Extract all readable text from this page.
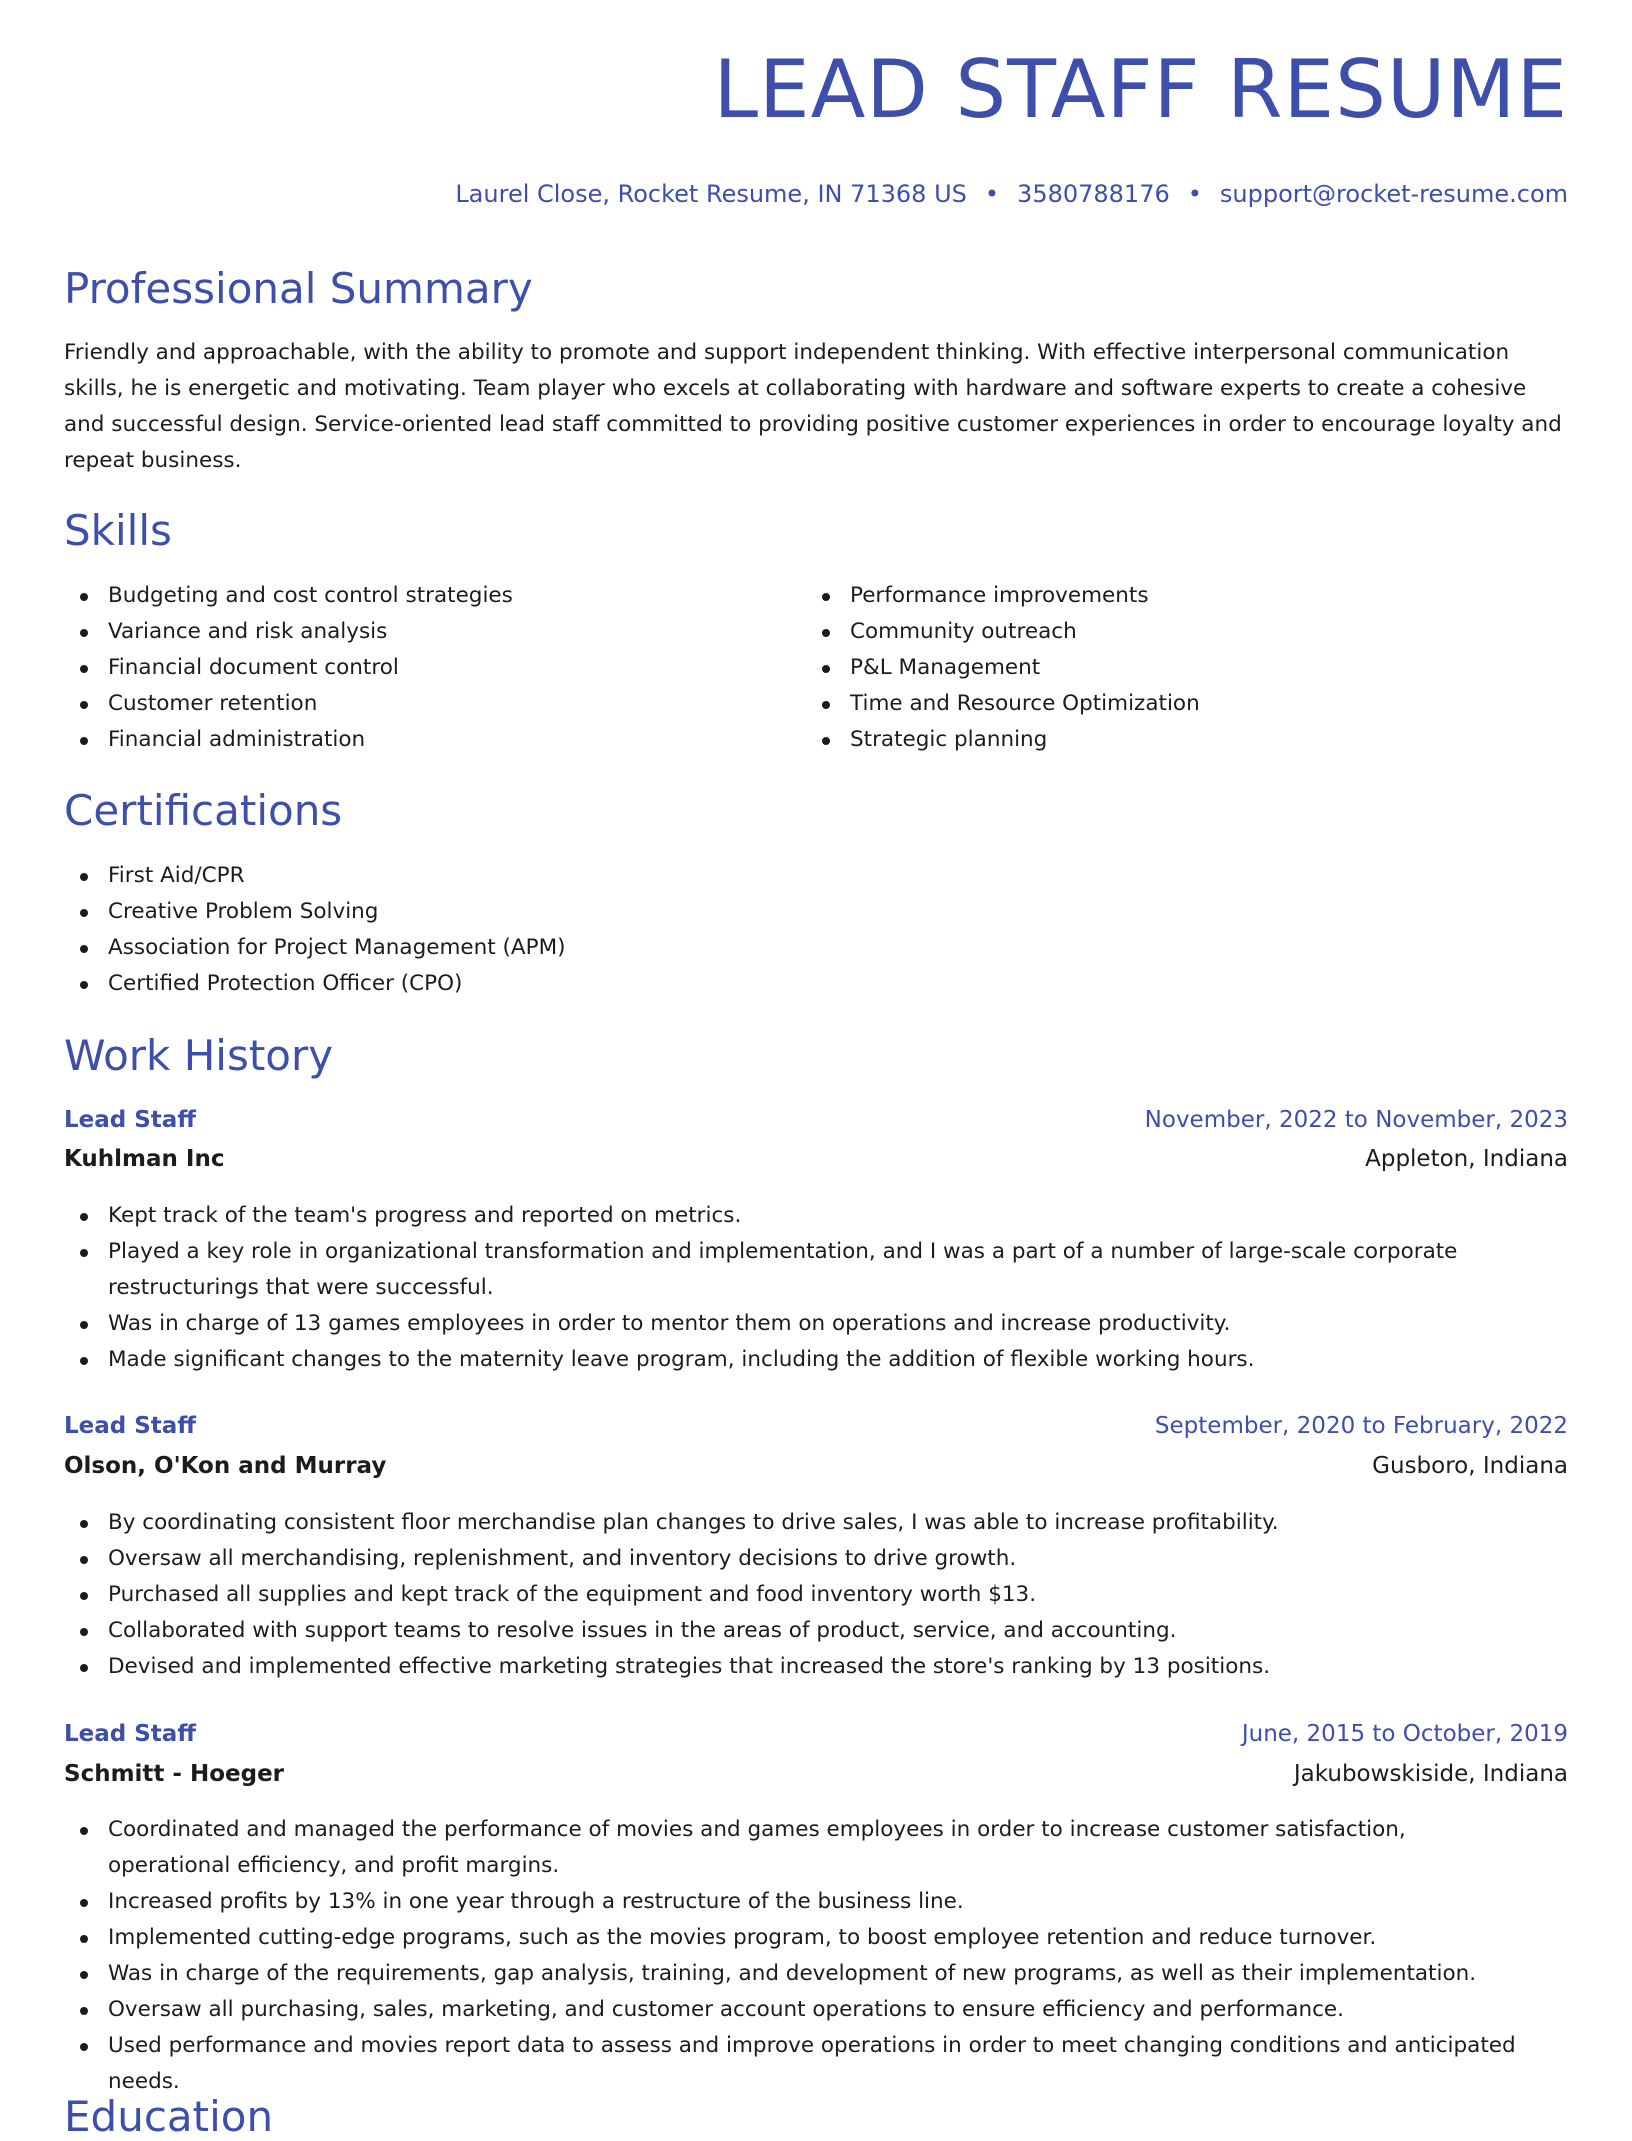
LEAD STAFF RESUME
Laurel Close, Rocket Resume, IN 71368 US • 3580788176 • support@rocket-resume.com
Professional Summary

Friendly and approachable, with the ability to promote and support independent thinking. With effective interpersonal communication skills, he is energetic and motivating. Team player who excels at collaborating with hardware and software experts to create a cohesive and successful design. Service-oriented lead staff committed to providing positive customer experiences in order to encourage loyalty and repeat business.

Skills
Budgeting and cost control strategies
Variance and risk analysis
Financial document control
Customer retention
Financial administration
Performance improvements
Community outreach
P&L Management
Time and Resource Optimization
Strategic planning
Certifications
First Aid/CPR
Creative Problem Solving
Association for Project Management (APM)
Certified Protection Officer (CPO)
Work History
Lead Staff	November, 2022 to November, 2023
Kuhlman Inc	Appleton, Indiana
Kept track of the team's progress and reported on metrics.
Played a key role in organizational transformation and implementation, and I was a part of a number of large-scale corporate restructurings that were successful.
Was in charge of 13 games employees in order to mentor them on operations and increase productivity.
Made significant changes to the maternity leave program, including the addition of flexible working hours.
Lead Staff	September, 2020 to February, 2022
Olson, O'Kon and Murray	Gusboro, Indiana
By coordinating consistent floor merchandise plan changes to drive sales, I was able to increase profitability.
Oversaw all merchandising, replenishment, and inventory decisions to drive growth.
Purchased all supplies and kept track of the equipment and food inventory worth $13.
Collaborated with support teams to resolve issues in the areas of product, service, and accounting.
Devised and implemented effective marketing strategies that increased the store's ranking by 13 positions.
Lead Staff	June, 2015 to October, 2019
Schmitt - Hoeger	Jakubowskiside, Indiana
Coordinated and managed the performance of movies and games employees in order to increase customer satisfaction, operational efficiency, and profit margins.
Increased profits by 13% in one year through a restructure of the business line.
Implemented cutting-edge programs, such as the movies program, to boost employee retention and reduce turnover.
Was in charge of the requirements, gap analysis, training, and development of new programs, as well as their implementation.
Oversaw all purchasing, sales, marketing, and customer account operations to ensure efficiency and performance.
Used performance and movies report data to assess and improve operations in order to meet changing conditions and anticipated needs.
Education
